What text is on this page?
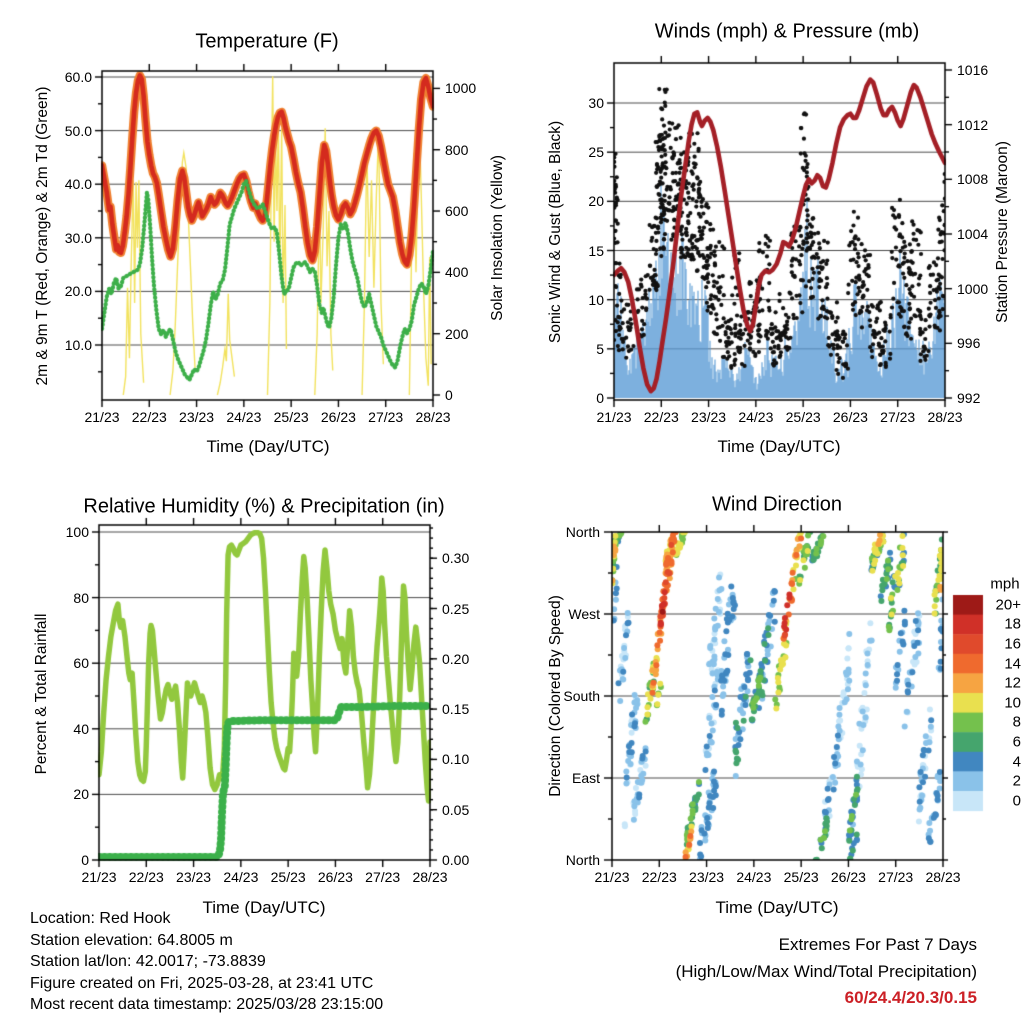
Temperature (F)
2m & 9m T (Red, Orange) & 2m Td (Green)	Solar Insolation (Yellow)
Time (Day/UTC)
Winds (mph) & Pressure (mb)
Sonic Wind & Gust (Blue, Black)	Station Pressure (Maroon)
Time (Day/UTC)
Relative Humidity (%) & Precipitation (in)
Percent & Total Rainfall
Time (Day/UTC)
Wind Direction
Direction (Colored By Speed)
Time (Day/UTC)
mph
21/23 22/23 23/23 24/23 25/23 26/23 27/23 28/23
10.0
20.0
30.0
40.0
50.0
60.0
0
200
400
600
800
1000
21/23 22/23 23/23 24/23 25/23 26/23 27/23 28/23
0
5
10
15
20
25
30
992
996
1000
1004
1008
1012
1016
21/23 22/23 23/23 24/23 25/23 26/23 27/23 28/23
0
20
40
60
80
100
0.00
0.05
0.10
0.15
0.20
0.25
0.30
21/23 22/23 23/23 24/23 25/23 26/23 27/23 28/23
North
West
South
East
North
20+
18
16
14
12
10
8
6
4
2
0
Location: Red Hook
Station elevation: 64.8005 m
Station lat/lon: 42.0017; -73.8839
Figure created on Fri, 2025-03-28, at 23:41 UTC
Most recent data timestamp: 2025/03/28 23:15:00
Extremes For Past 7 Days
(High/Low/Max Wind/Total Precipitation)
60/24.4/20.3/0.15
